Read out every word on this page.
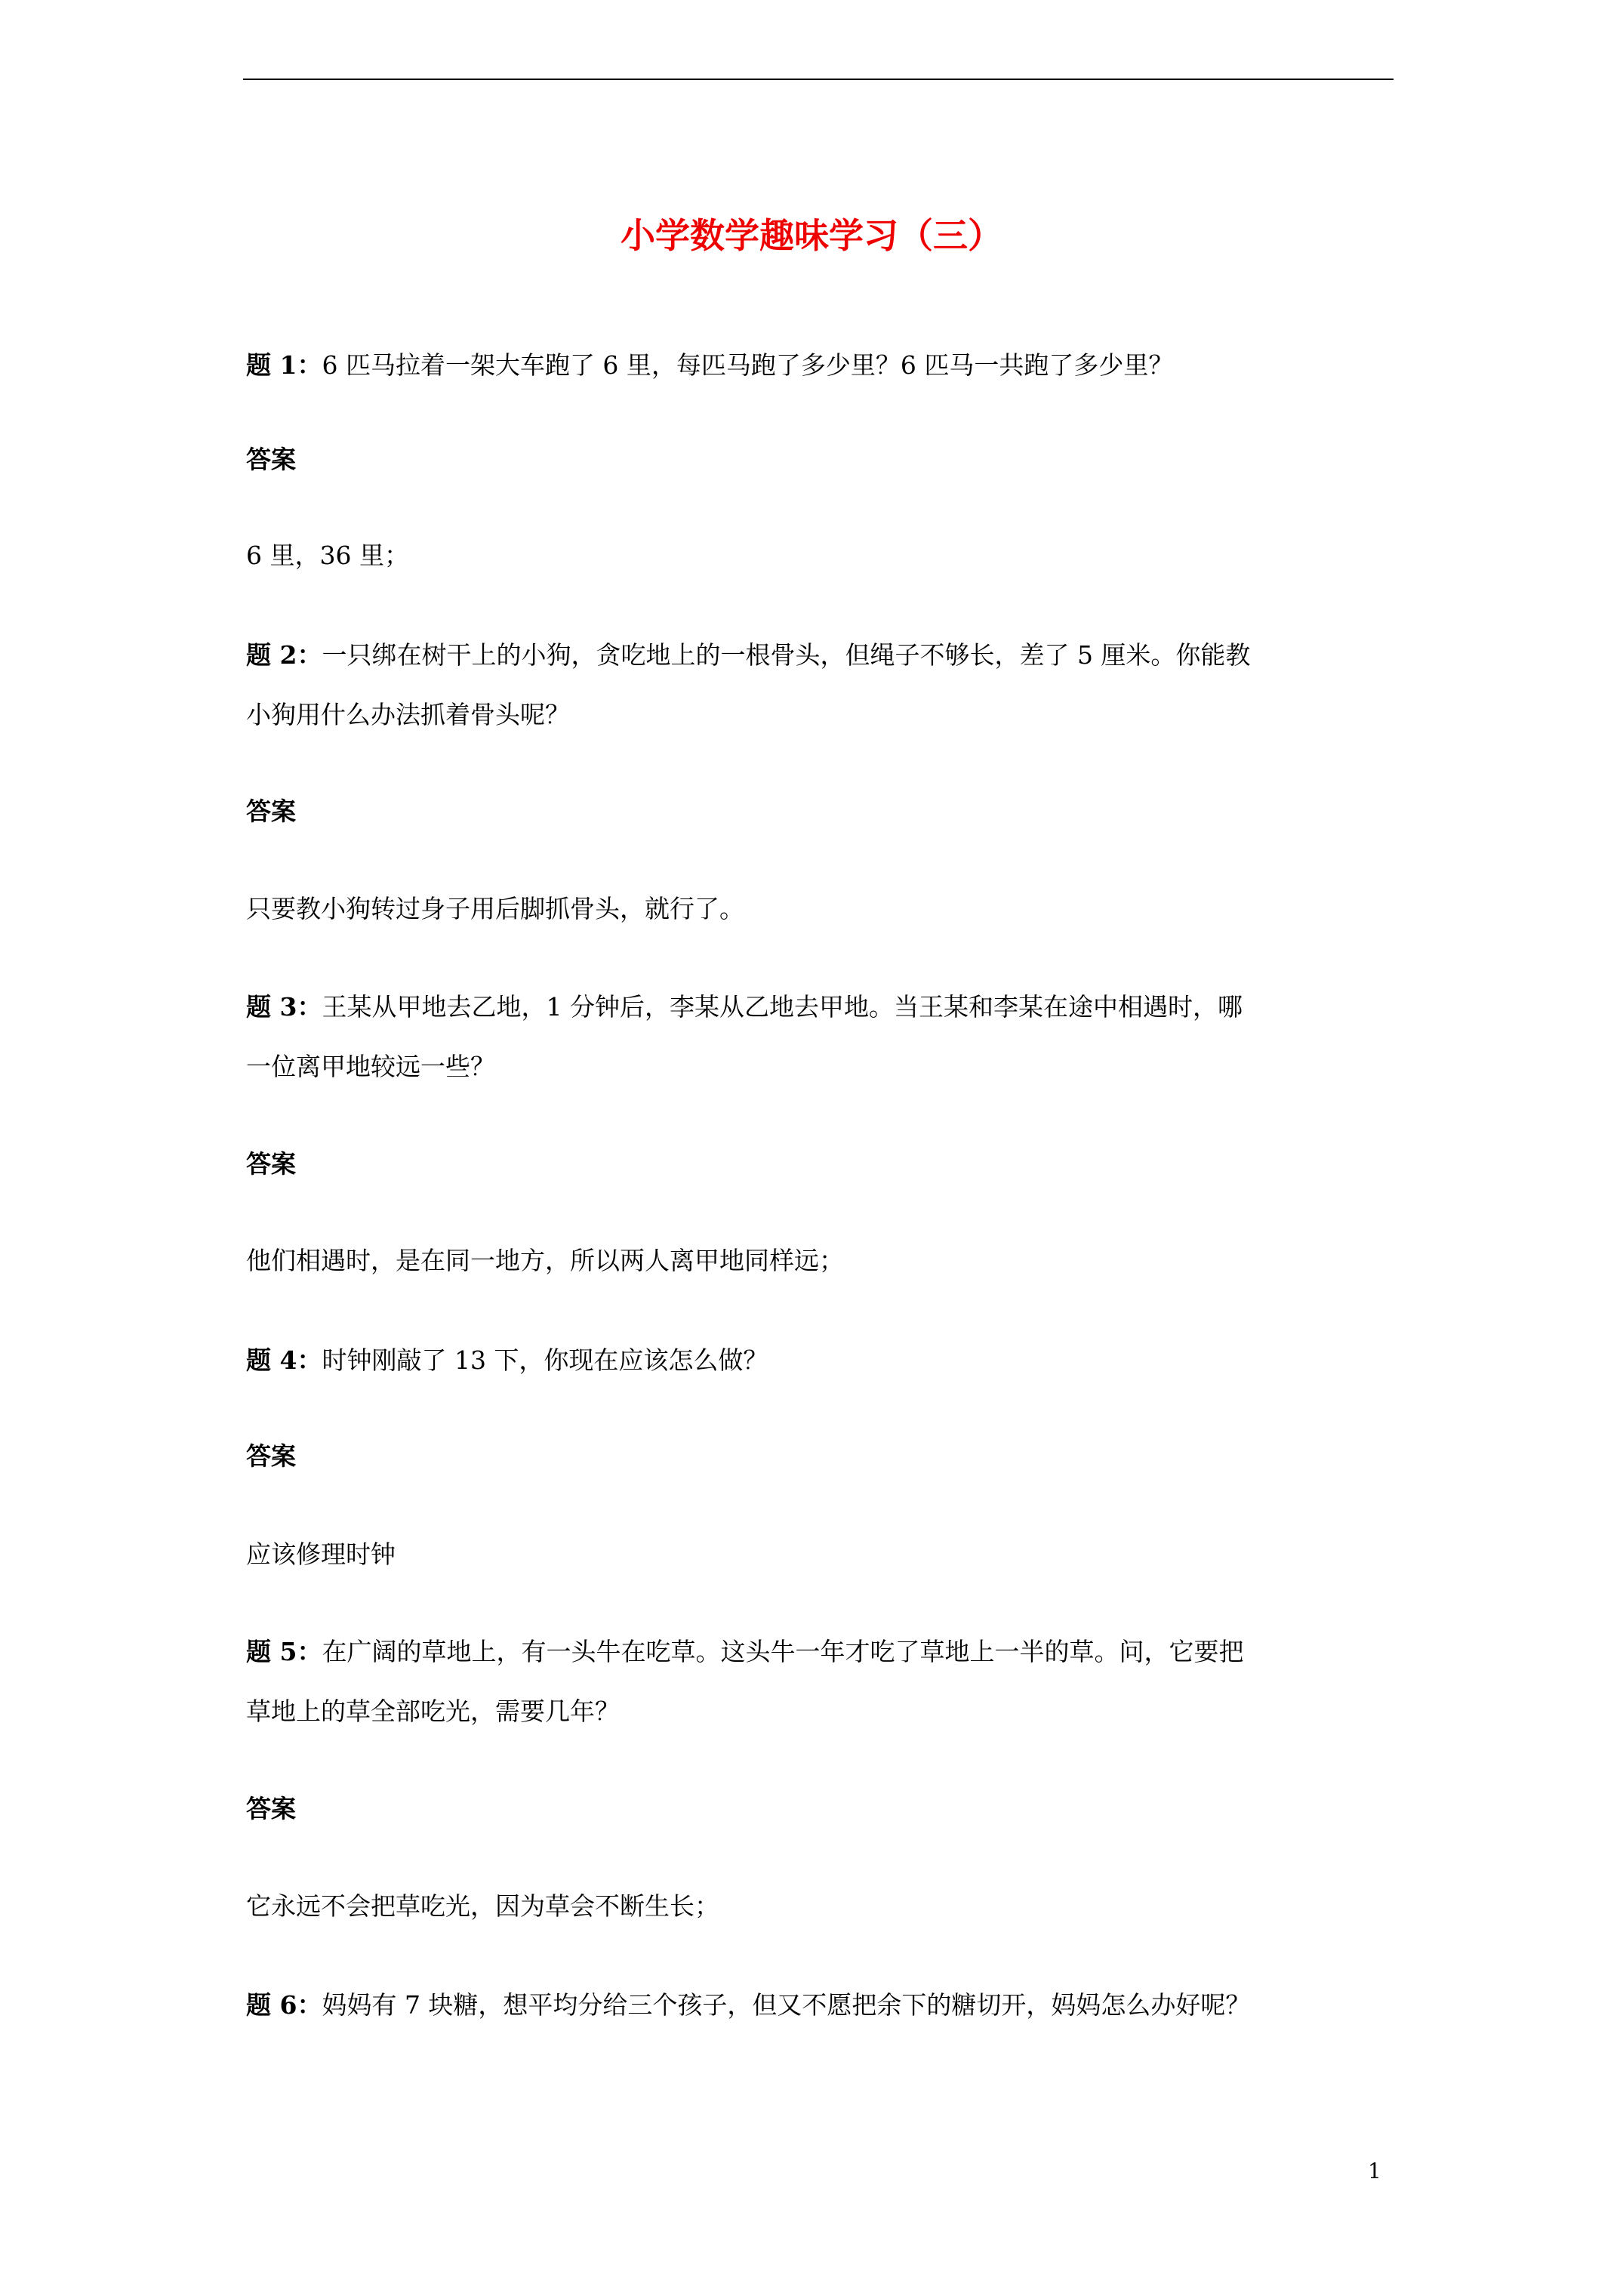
小学数学趣味学习（三）
题 1：6 匹马拉着一架大车跑了 6 里，每匹马跑了多少里？6 匹马一共跑了多少里？
答案
6 里，36 里；
题 2：一只绑在树干上的小狗，贪吃地上的一根骨头，但绳子不够长，差了 5 厘米。你能教
小狗用什么办法抓着骨头呢？
答案
只要教小狗转过身子用后脚抓骨头，就行了。
题 3：王某从甲地去乙地，1 分钟后，李某从乙地去甲地。当王某和李某在途中相遇时，哪
一位离甲地较远一些？
答案
他们相遇时，是在同一地方，所以两人离甲地同样远；
题 4：时钟刚敲了 13 下，你现在应该怎么做？
答案
应该修理时钟
题 5：在广阔的草地上，有一头牛在吃草。这头牛一年才吃了草地上一半的草。问，它要把
草地上的草全部吃光，需要几年？
答案
它永远不会把草吃光，因为草会不断生长；
题 6：妈妈有 7 块糖，想平均分给三个孩子，但又不愿把余下的糖切开，妈妈怎么办好呢？
1
